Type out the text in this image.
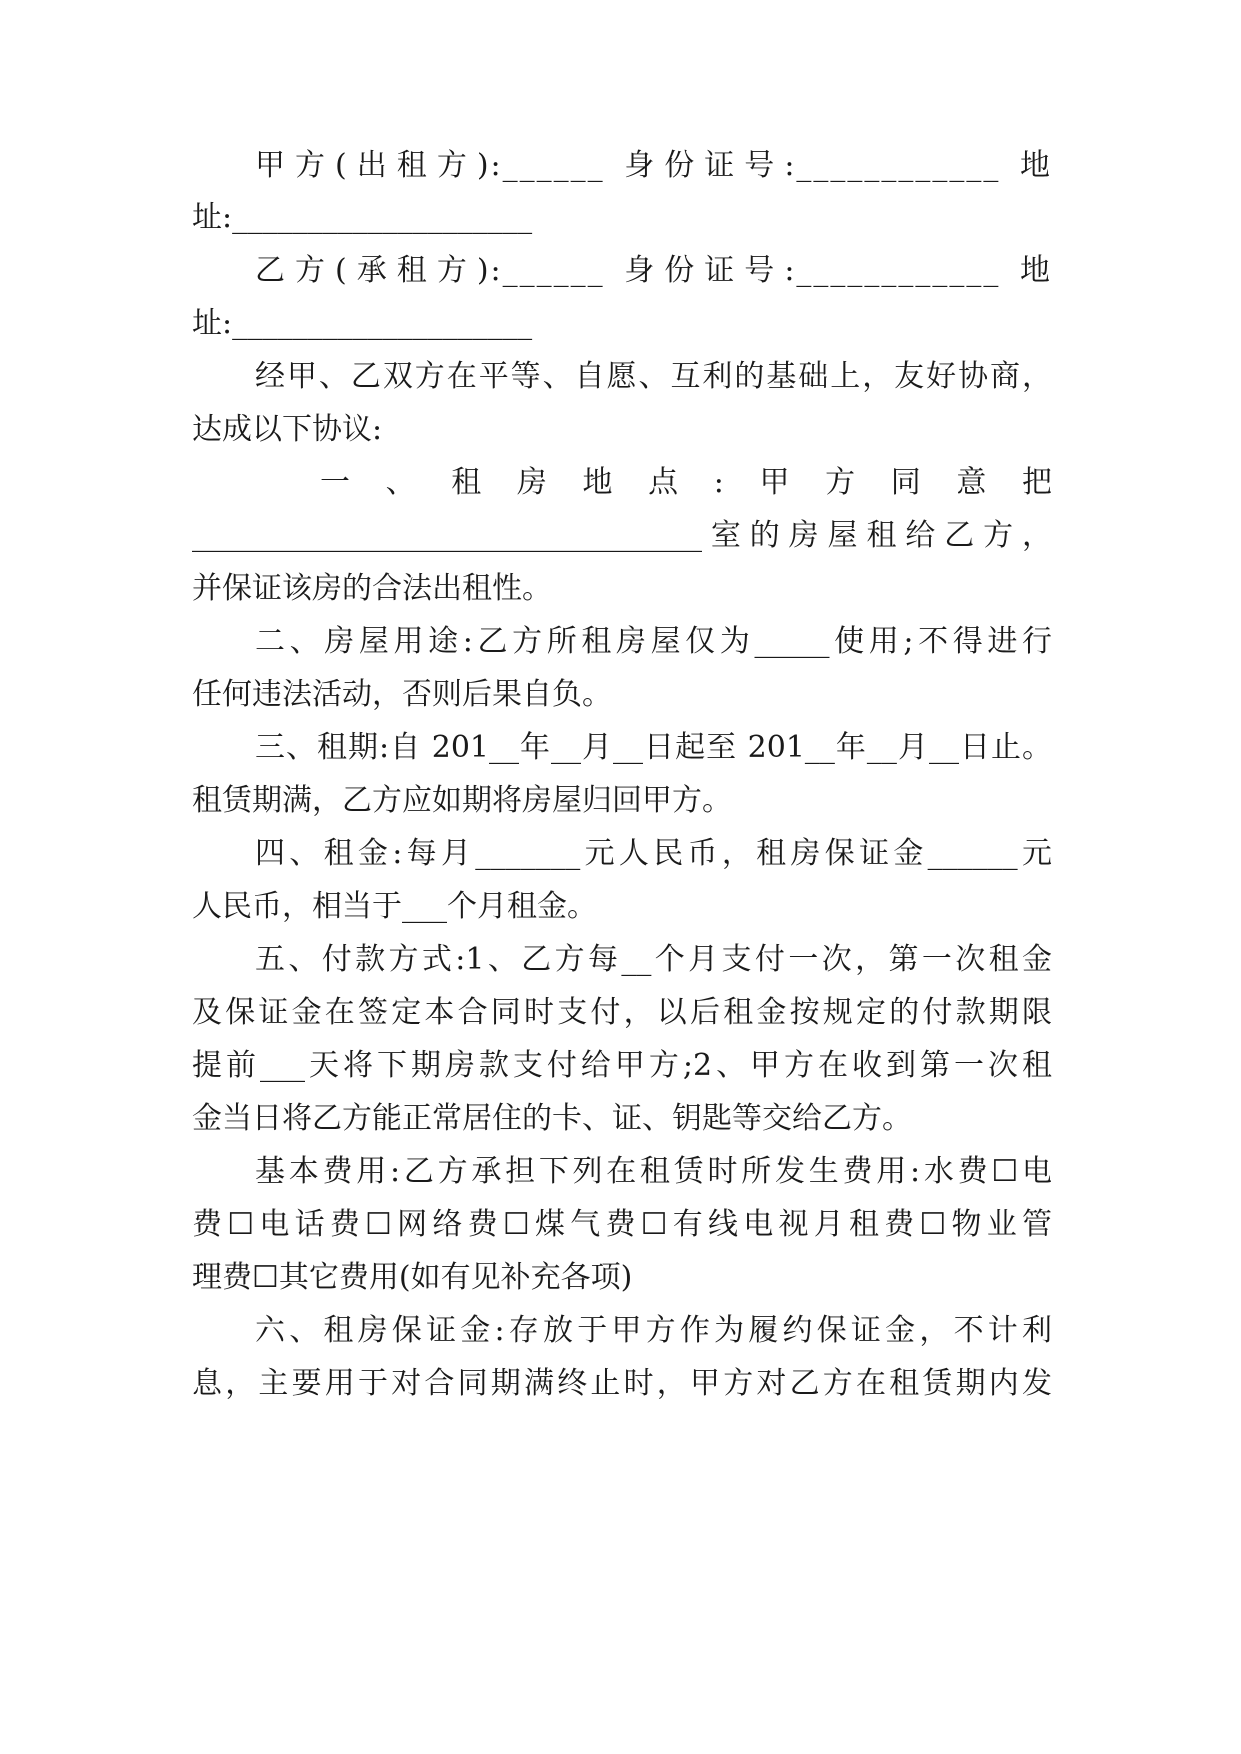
甲方(出租方):______ 身份证号:____________ 地
址:____________________
乙方(承租方):______ 身份证号:____________ 地
址:____________________
经甲、乙双方在平等、自愿、互利的基础上，友好协商，
达成以下协议:
一、租房地点:甲方同意把
__________________________________室的房屋租给乙方，
并保证该房的合法出租性。
二、房屋用途:乙方所租房屋仅为_____使用;不得进行
任何违法活动，否则后果自负。
三、租期:自 201__年__月__日起至 201__年__月__日止。
租赁期满，乙方应如期将房屋归回甲方。
四、租金:每月_______元人民币，租房保证金______元
人民币，相当于___个月租金。
五、付款方式:1、乙方每__个月支付一次，第一次租金
及保证金在签定本合同时支付，以后租金按规定的付款期限
提前___天将下期房款支付给甲方;2、甲方在收到第一次租
金当日将乙方能正常居住的卡、证、钥匙等交给乙方。
基本费用:乙方承担下列在租赁时所发生费用:水费☐电
费☐电话费☐网络费☐煤气费☐有线电视月租费☐物业管
理费☐其它费用(如有见补充各项)
六、租房保证金:存放于甲方作为履约保证金，不计利
息，主要用于对合同期满终止时，甲方对乙方在租赁期内发
